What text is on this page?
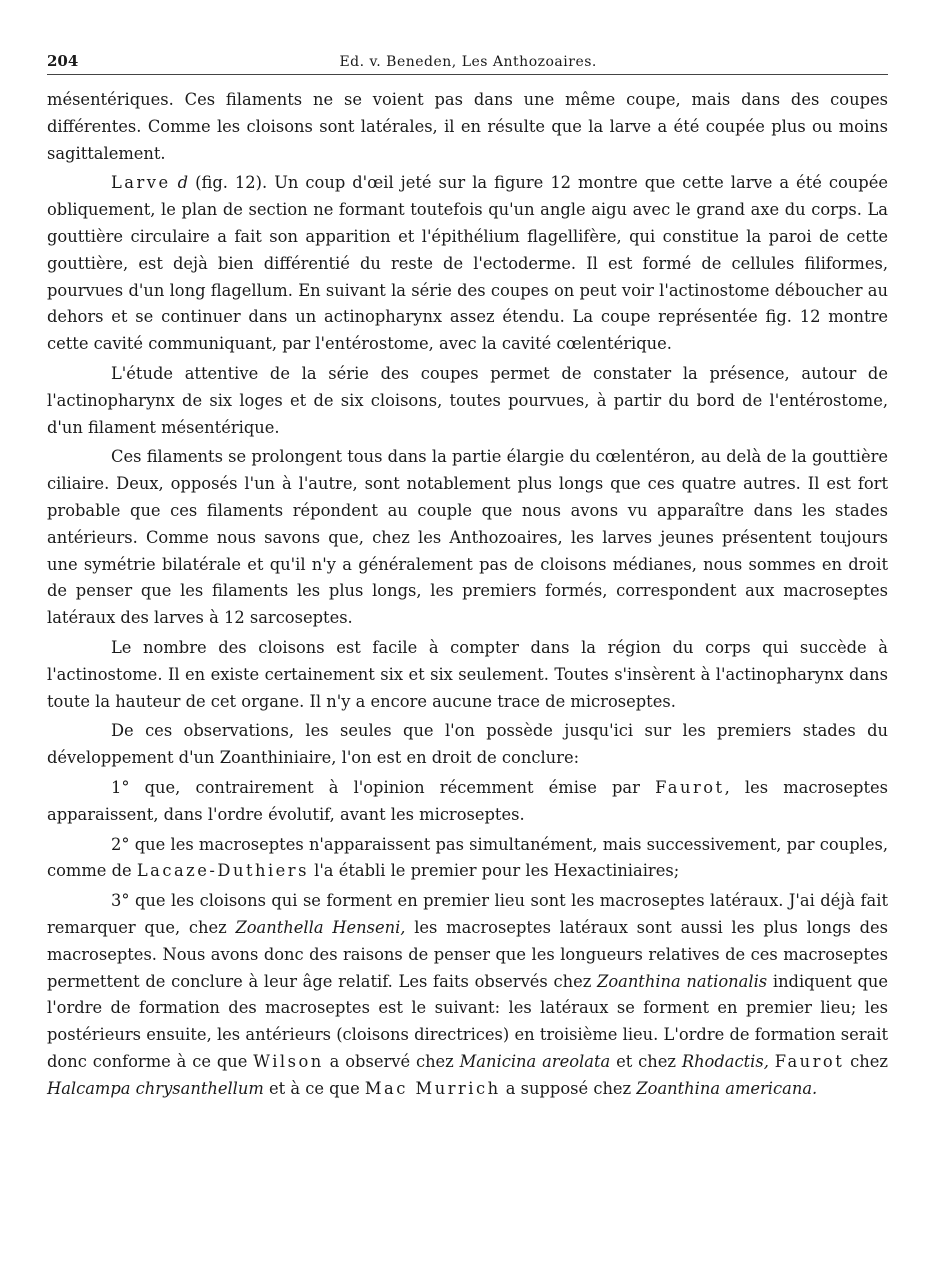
204	Ed. v. Beneden, Les Anthozoaires.

mésentériques. Ces filaments ne se voient pas dans une même coupe, mais dans des coupes différentes. Comme les cloisons sont latérales, il en résulte que la larve a été coupée plus ou moins sagittalement.

Larve d (fig. 12). Un coup d'œil jeté sur la figure 12 montre que cette larve a été coupée obliquement, le plan de section ne formant toutefois qu'un angle aigu avec le grand axe du corps. La gouttière circulaire a fait son apparition et l'épithélium flagellifère, qui constitue la paroi de cette gouttière, est dejà bien différentié du reste de l'ectoderme. Il est formé de cellules filiformes, pourvues d'un long flagellum. En suivant la série des coupes on peut voir l'actinostome déboucher au dehors et se continuer dans un actinopharynx assez étendu. La coupe représentée fig. 12 montre cette cavité communiquant, par l'entérostome, avec la cavité cœlentérique.

L'étude attentive de la série des coupes permet de constater la présence, autour de l'actinopharynx de six loges et de six cloisons, toutes pourvues, à partir du bord de l'entérostome, d'un filament mésentérique.

Ces filaments se prolongent tous dans la partie élargie du cœlentéron, au delà de la gouttière ciliaire. Deux, opposés l'un à l'autre, sont notablement plus longs que ces quatre autres. Il est fort probable que ces filaments répondent au couple que nous avons vu apparaître dans les stades antérieurs. Comme nous savons que, chez les Anthozoaires, les larves jeunes présentent toujours une symétrie bilatérale et qu'il n'y a généralement pas de cloisons médianes, nous sommes en droit de penser que les filaments les plus longs, les premiers formés, correspondent aux macroseptes latéraux des larves à 12 sarcoseptes.

Le nombre des cloisons est facile à compter dans la région du corps qui succède à l'actinostome. Il en existe certainement six et six seulement. Toutes s'insèrent à l'actinopharynx dans toute la hauteur de cet organe. Il n'y a encore aucune trace de microseptes.

De ces observations, les seules que l'on possède jusqu'ici sur les premiers stades du développement d'un Zoanthiniaire, l'on est en droit de conclure:

1° que, contrairement à l'opinion récemment émise par Faurot, les macroseptes apparaissent, dans l'ordre évolutif, avant les microseptes.

2° que les macroseptes n'apparaissent pas simultanément, mais successivement, par couples, comme de Lacaze-Duthiers l'a établi le premier pour les Hexactiniaires;

3° que les cloisons qui se forment en premier lieu sont les macroseptes latéraux. J'ai déjà fait remarquer que, chez Zoanthella Henseni, les macroseptes latéraux sont aussi les plus longs des macroseptes. Nous avons donc des raisons de penser que les longueurs relatives de ces macroseptes permettent de conclure à leur âge relatif. Les faits observés chez Zoanthina nationalis indiquent que l'ordre de formation des macroseptes est le suivant: les latéraux se forment en premier lieu; les postérieurs ensuite, les antérieurs (cloisons directrices) en troisième lieu. L'ordre de formation serait donc conforme à ce que Wilson a observé chez Manicina areolata et chez Rhodactis, Faurot chez Halcampa chrysanthellum et à ce que Mac Murrich a supposé chez Zoanthina americana.
